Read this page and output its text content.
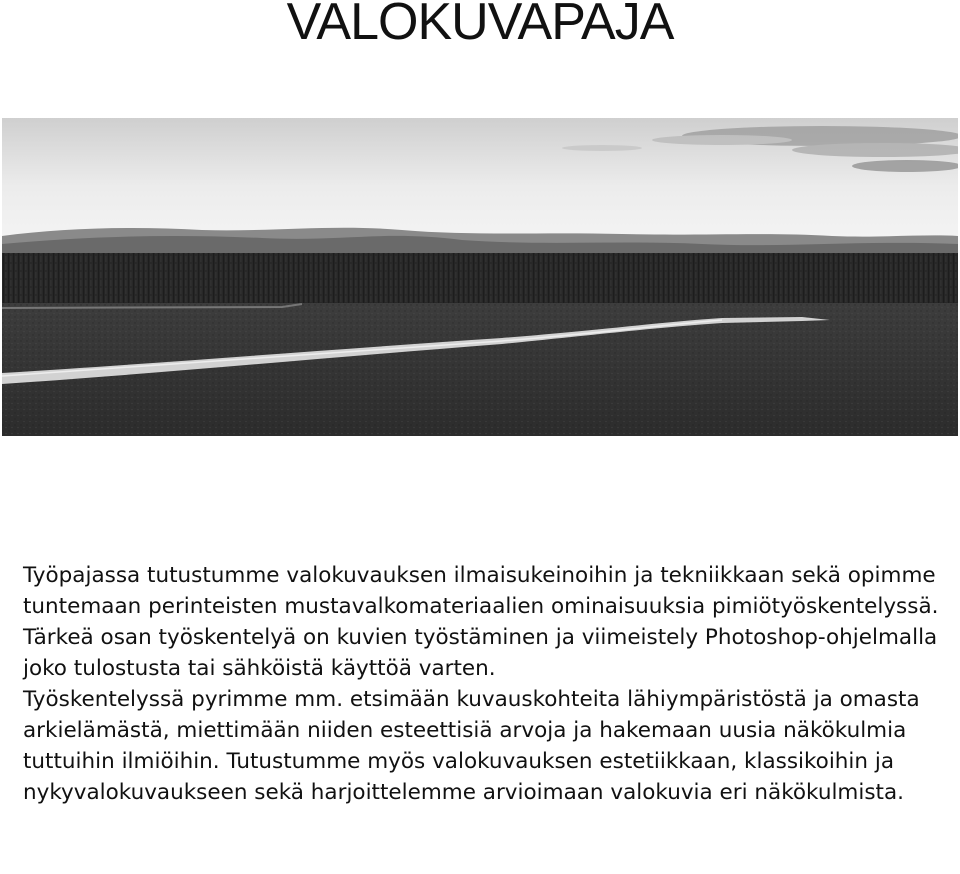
VALOKUVAPAJA

Työpajassa tutustumme valokuvauksen ilmaisukeinoihin ja tekniikkaan sekä opimme tuntemaan perinteisten mustavalkomateriaalien ominaisuuksia pimiötyöskentelyssä. Tärkeä osan työskentelyä on kuvien työstäminen ja viimeistely Photoshop-ohjelmalla joko tulostusta tai sähköistä käyttöä varten.

Työskentelyssä pyrimme mm. etsimään kuvauskohteita lähiympäristöstä ja omasta arkielämästä, miettimään niiden esteettisiä arvoja ja hakemaan uusia näkökulmia tuttuihin ilmiöihin. Tutustumme myös valokuvauksen estetiikkaan, klassikoihin ja nykyvalokuvaukseen sekä harjoittelemme arvioimaan valokuvia eri näkökulmista.
